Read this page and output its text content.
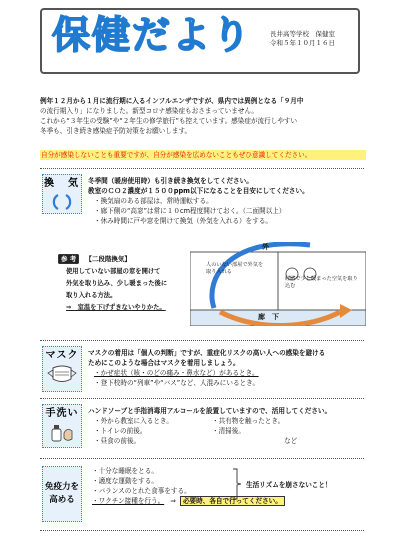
保健だより	長井高等学校　保健室
令和５年１０月１６日

例年１２月から１月に流行期に入るインフルエンザですが、県内では異例となる「９月中

の流行期入り」になりました。新型コロナ感染症もおさまっていません。

これから“３年生の受験”や“２年生の修学旅行”も控えています。感染症が流行しやすい

冬季も、引き続き感染症予防対策をお願いします。

自分が感染しないことも重要ですが、自分が感染を広めないこともぜひ意識してください。
換　気 冬季間（暖房使用時）も引き続き換気をしてください。
教室のＣＯ２濃度が１５００ppm以下になることを目安にしてください。
・換気扇のある部屋は、常時運転する。
・廊下側の“高窓”は常に１０cm程度開けておく。（二面開以上）
・休み時間に戸や窓を開けて換気（外気を入れる）をする。
参 考 【二段階換気】
使用していない部屋の窓を開けて
外気を取り込み、少し暖まった後に
取り入れる方法。
⇒　室温を下げずきないやりかた。
外
人のいない部屋で外気を取り入れる
経路で少し暖まった空気を取り込む
廊　下
マスク	マスクの着用は「個人の判断」ですが、重症化リスクの高い人への感染を避ける
ためにこのような場合はマスクを着用しましょう。
・かぜ症状（咳・のどの痛み・鼻水など）があるとき。
・登下校時の“列車”や“バス”など、人混みにいるとき。
手洗い	ハンドソープと手指消毒用アルコールを設置していますので、活用してください。
・外から教室に入るとき。	・共有物を触ったとき。
・トイレの前後。	・清掃後。
・昼食の前後。	など
免疫力を高める
・十分な睡眠をとる。
・適度な運動をする。
・バランスのとれた食事をする。
・ワクチン接種を行う。 ⇒ 必要時、各自で行ってください。
生活リズムを崩さないこと！
